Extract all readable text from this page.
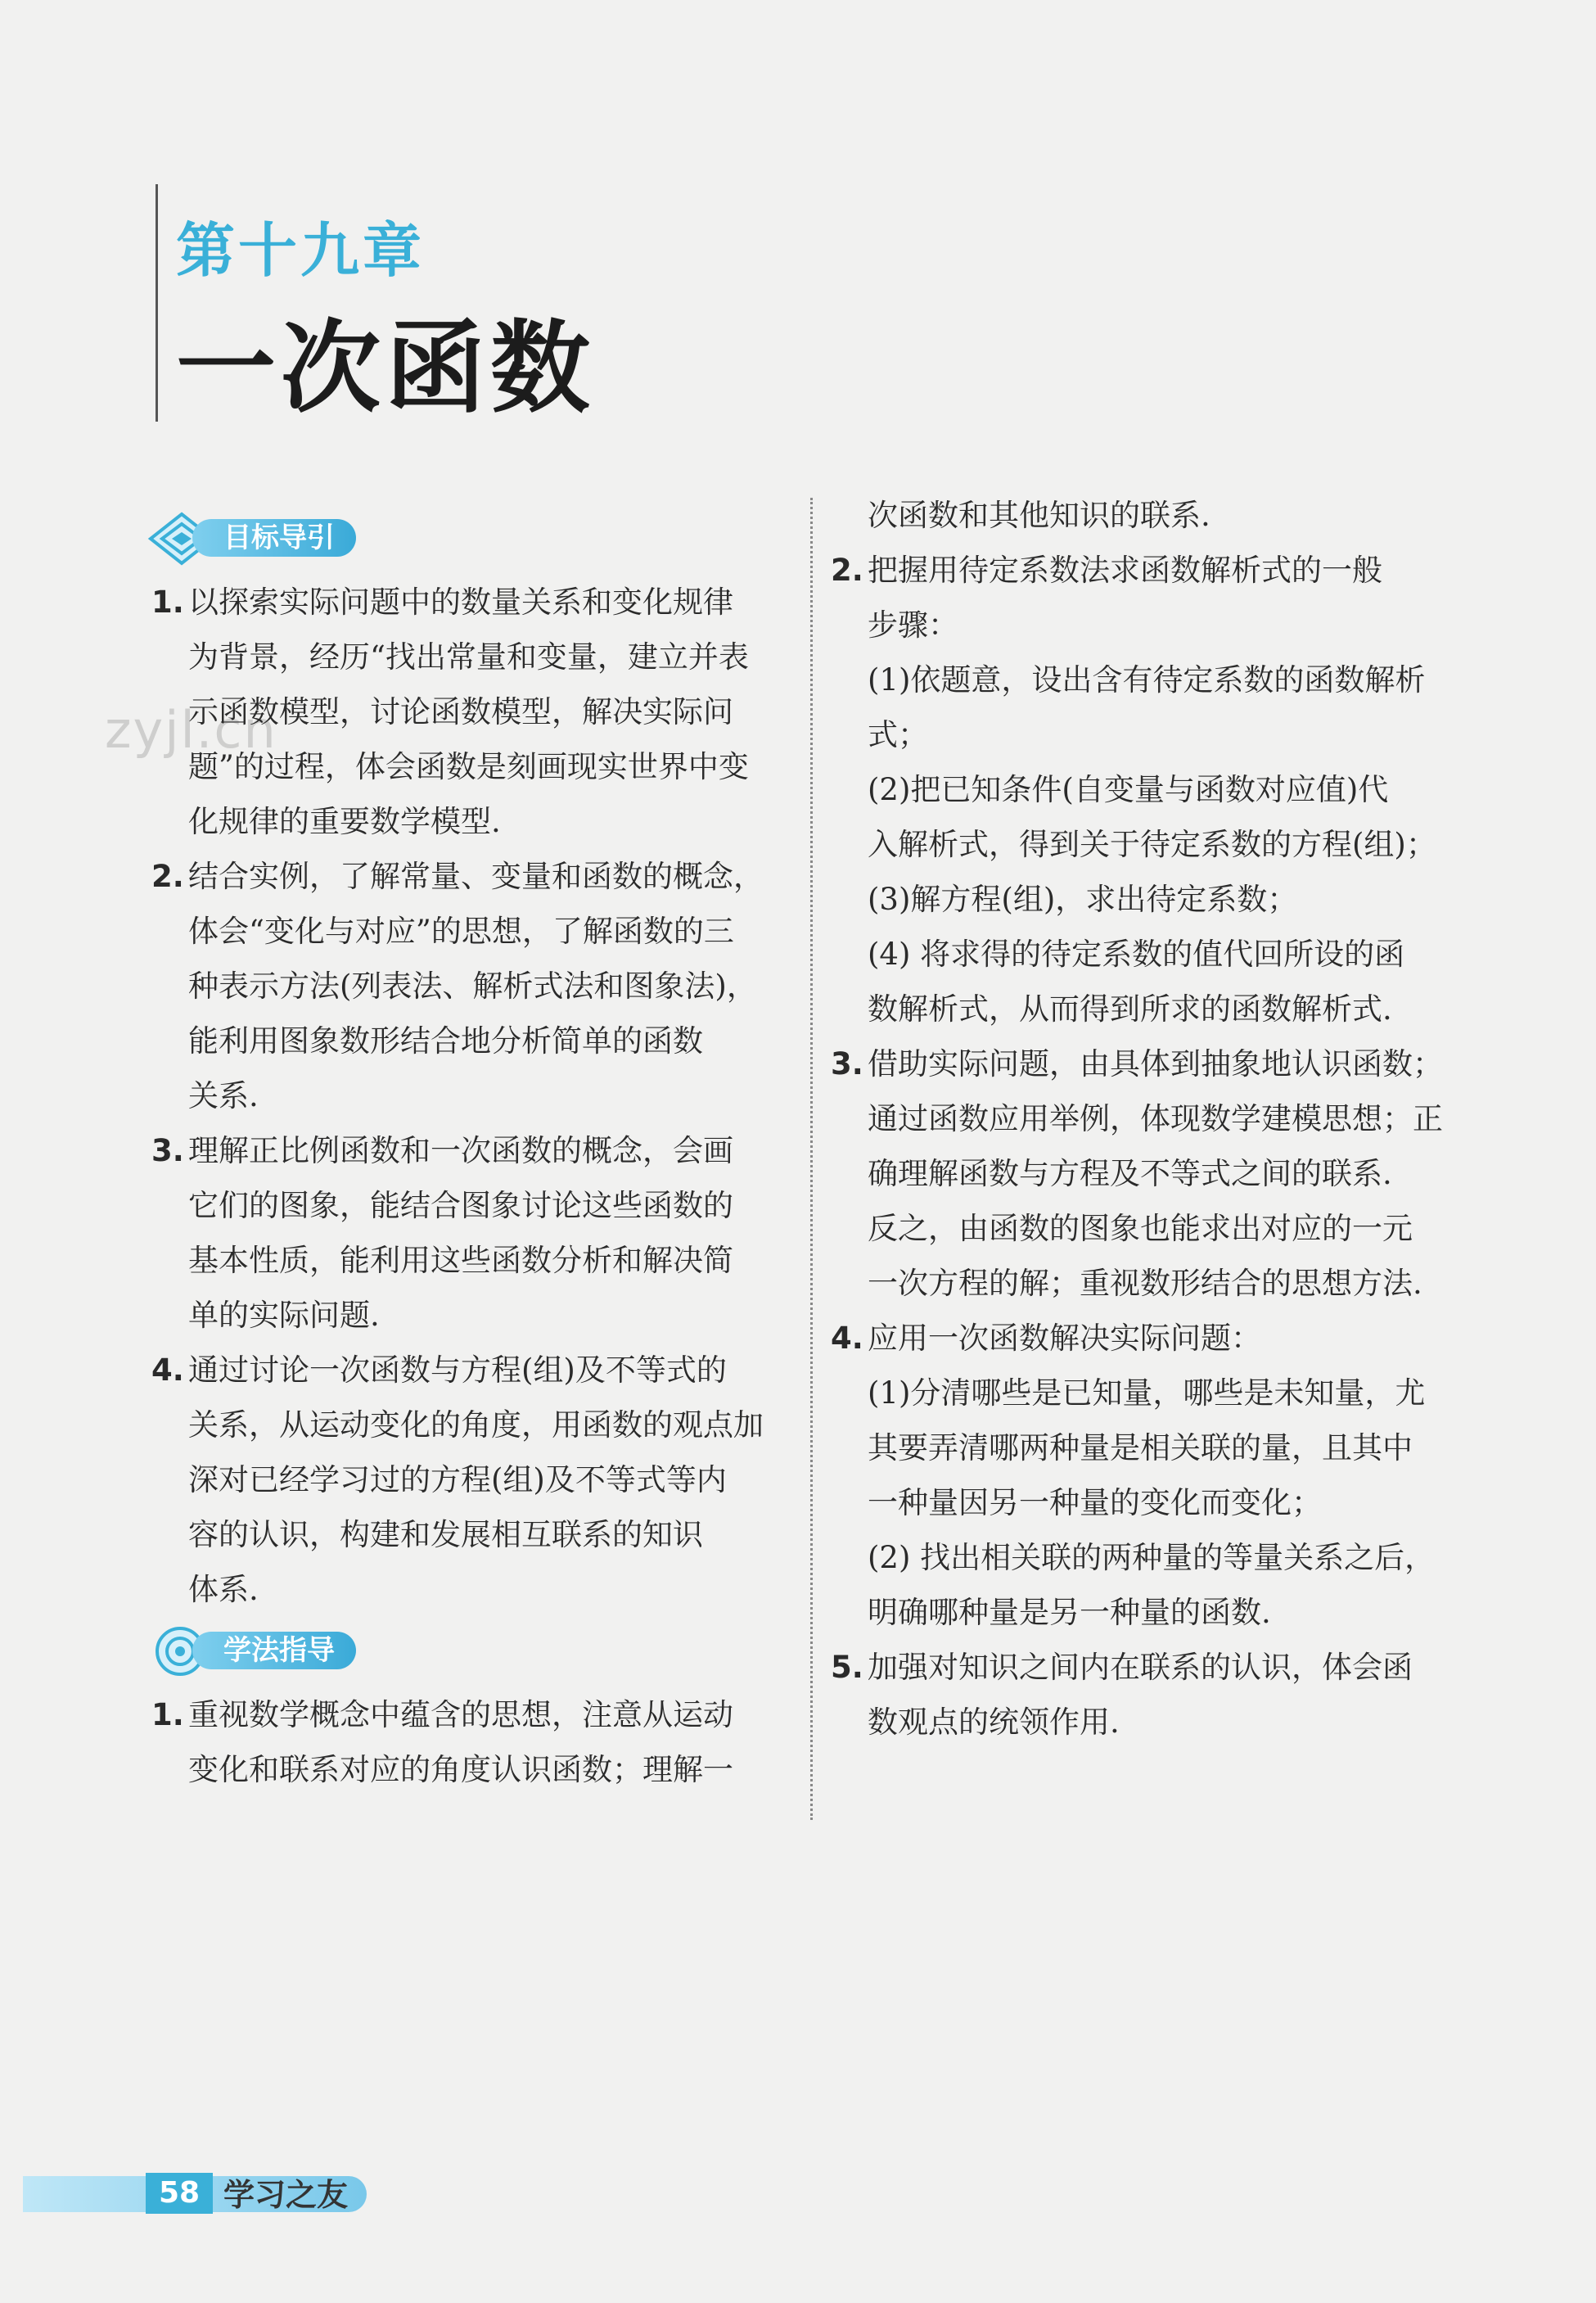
第十九章
一次函数
zyjl.cn
目标导引
1. 以探索实际问题中的数量关系和变化规律
为背景，经历“找出常量和变量，建立并表
示函数模型，讨论函数模型，解决实际问
题”的过程，体会函数是刻画现实世界中变
化规律的重要数学模型.
2. 结合实例，了解常量、变量和函数的概念，
体会“变化与对应”的思想，了解函数的三
种表示方法(列表法、解析式法和图象法)，
能利用图象数形结合地分析简单的函数
关系.
3. 理解正比例函数和一次函数的概念，会画
它们的图象，能结合图象讨论这些函数的
基本性质，能利用这些函数分析和解决简
单的实际问题.
4. 通过讨论一次函数与方程(组)及不等式的
关系，从运动变化的角度，用函数的观点加
深对已经学习过的方程(组)及不等式等内
容的认识，构建和发展相互联系的知识
体系.
学法指导
1. 重视数学概念中蕴含的思想，注意从运动
变化和联系对应的角度认识函数；理解一

次函数和其他知识的联系.

2. 把握用待定系数法求函数解析式的一般
步骤：
(1)依题意，设出含有待定系数的函数解析
式；
(2)把已知条件(自变量与函数对应值)代
入解析式，得到关于待定系数的方程(组)；
(3)解方程(组)，求出待定系数；
(4) 将求得的待定系数的值代回所设的函
数解析式，从而得到所求的函数解析式.
3. 借助实际问题，由具体到抽象地认识函数；
通过函数应用举例，体现数学建模思想；正
确理解函数与方程及不等式之间的联系.
反之，由函数的图象也能求出对应的一元
一次方程的解；重视数形结合的思想方法.
4. 应用一次函数解决实际问题：
(1)分清哪些是已知量，哪些是未知量，尤
其要弄清哪两种量是相关联的量，且其中
一种量因另一种量的变化而变化；
(2) 找出相关联的两种量的等量关系之后，
明确哪种量是另一种量的函数.
5. 加强对知识之间内在联系的认识，体会函
数观点的统领作用.
58 学习之友
